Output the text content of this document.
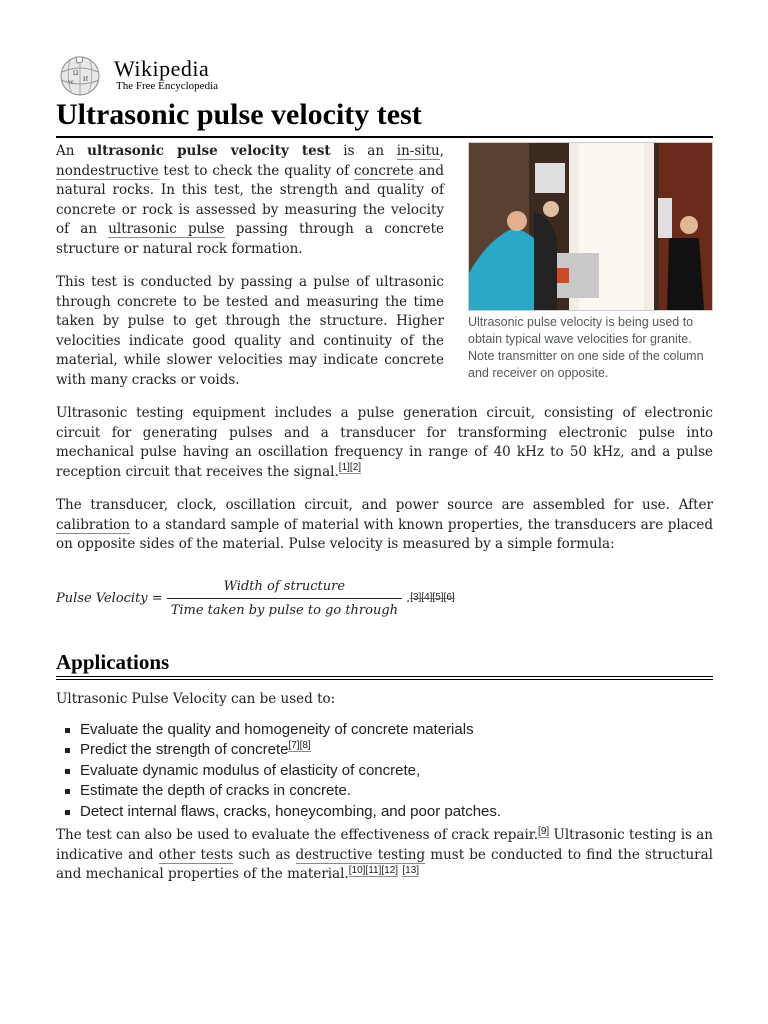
Ω
И
W
Wikipedia
The Free Encyclopedia
Ultrasonic pulse velocity test
Ultrasonic pulse velocity is being used to obtain typical wave velocities for granite. Note transmitter on one side of the column and receiver on opposite.

An ultrasonic pulse velocity test is an in-situ, nondestructive test to check the quality of concrete and natural rocks. In this test, the strength and quality of concrete or rock is assessed by measuring the velocity of an ultrasonic pulse passing through a concrete structure or natural rock formation.

This test is conducted by passing a pulse of ultrasonic through concrete to be tested and measuring the time taken by pulse to get through the structure. Higher velocities indicate good quality and continuity of the material, while slower velocities may indicate concrete with many cracks or voids.

Ultrasonic testing equipment includes a pulse generation circuit, consisting of electronic circuit for generating pulses and a transducer for transforming electronic pulse into mechanical pulse having an oscillation frequency in range of 40 kHz to 50 kHz, and a pulse reception circuit that receives the signal.[1][2]

The transducer, clock, oscillation circuit, and power source are assembled for use. After calibration to a standard sample of material with known properties, the transducers are placed on opposite sides of the material. Pulse velocity is measured by a simple formula:

Pulse Velocity = $\frac{\text{Width of structure}}{\text{Time taken by pulse to go through}}$ . [3][4][5][6]
Applications

Ultrasonic Pulse Velocity can be used to:

Evaluate the quality and homogeneity of concrete materials
Predict the strength of concrete[7][8]
Evaluate dynamic modulus of elasticity of concrete,
Estimate the depth of cracks in concrete.
Detect internal flaws, cracks, honeycombing, and poor patches.

The test can also be used to evaluate the effectiveness of crack repair.[9] Ultrasonic testing is an indicative and other tests such as destructive testing must be conducted to find the structural and mechanical properties of the material.[10][11][12] [13]
